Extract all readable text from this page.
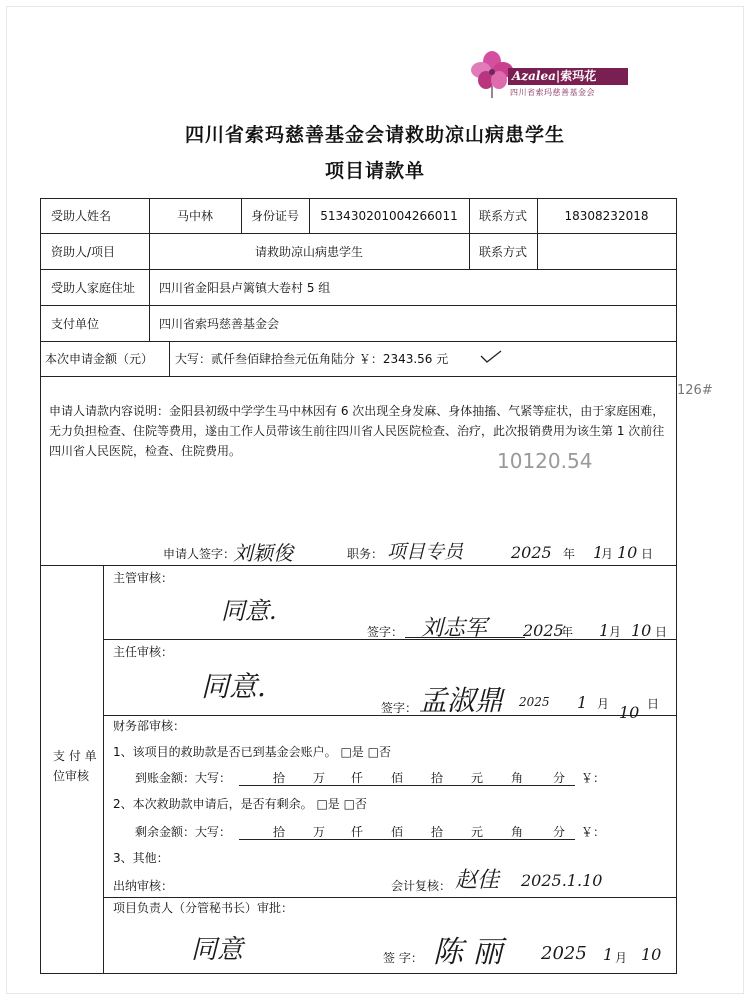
Azalea|索玛花
四川省索玛慈善基金会
四川省索玛慈善基金会请救助凉山病患学生
项目请款单
受助人姓名	马中林	身份证号	513430201004266011	联系方式	18308232018
资助人/项目	请救助凉山病患学生	联系方式
受助人家庭住址 四川省金阳县卢篱镇大卷村 5 组
支付单位	四川省索玛慈善基金会
本次申请金额（元） 大写：贰仟叁佰肆拾叁元伍角陆分 ￥：2343.56 元
申请人请款内容说明：金阳县初级中学学生马中林因有 6 次出现全身发麻、身体抽搐、气紧等症状，由于家庭困难，无力负担检查、住院等费用，遂由工作人员带该生前往四川省人民医院检查、治疗，此次报销费用为该生第 1 次前往四川省人民医院，检查、住院费用。	10120.54
126#
申请人签字：
刘颖俊	职务： 项目专员	2025 年 1
月 10 日
支 付 单
位审核
主管审核：
同意.
签字： 刘志军 2025
年 1 月 10 日
主任审核：
同意.
签字： 孟淑鼎 2025 1 月 10 日
财务部审核：
1、该项目的救助款是否已到基金会账户。 □是 □否
到账金额：大写：	拾 万 仟 佰 拾 元 角 分 ￥：
2、本次救助款申请后，是否有剩余。 □是 □否
剩余金额：大写：	拾 万 仟 佰 拾 元 角 分 ￥：
3、其他：
出纳审核：	会计复核： 赵佳 2025.1.10
项目负责人（分管秘书长）审批：
同意	签 字： 陈 丽 2025 1 月 10
